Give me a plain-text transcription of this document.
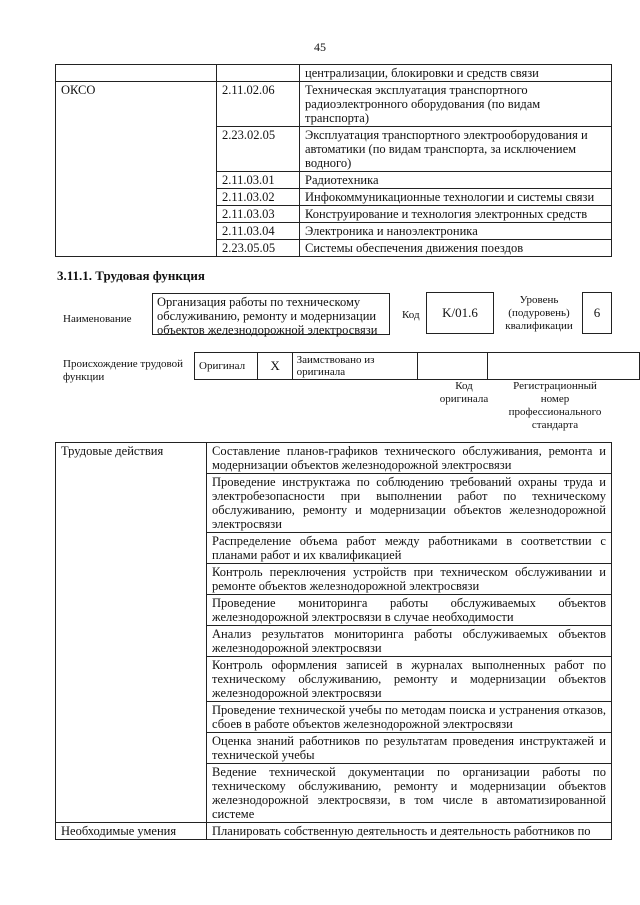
45
		централизации, блокировки и средств связи
ОКСО	2.11.02.06	Техническая эксплуатация транспортного радиоэлектронного оборудования (по видам транспорта)
	2.23.02.05	Эксплуатация транспортного электрооборудования и автоматики (по видам транспорта, за исключением водного)
	2.11.03.01	Радиотехника
	2.11.03.02	Инфокоммуникационные технологии и системы связи
	2.11.03.03	Конструирование и технология электронных средств
	2.11.03.04	Электроника и наноэлектроника
	2.23.05.05	Системы обеспечения движения поездов
3.11.1. Трудовая функция
Наименование
Организация работы по техническому обслуживанию, ремонту и модернизации объектов железнодорожной электросвязи
Код	K/01.6
Уровень (подуровень) квалификации
6
Происхождение трудовой функции
Оригинал	X	Заимствовано из оригинала		
Код оригинала
Регистрационный номер профессионального стандарта
Трудовые действия	Составление планов-графиков технического обслуживания, ремонта и модернизации объектов железнодорожной электросвязи
	Проведение инструктажа по соблюдению требований охраны труда и электробезопасности при выполнении работ по техническому обслуживанию, ремонту и модернизации объектов железнодорожной электросвязи
	Распределение объема работ между работниками в соответствии с планами работ и их квалификацией
	Контроль переключения устройств при техническом обслуживании и ремонте объектов железнодорожной электросвязи
	Проведение мониторинга работы обслуживаемых объектов железнодорожной электросвязи в случае необходимости
	Анализ результатов мониторинга работы обслуживаемых объектов железнодорожной электросвязи
	Контроль оформления записей в журналах выполненных работ по техническому обслуживанию, ремонту и модернизации объектов железнодорожной электросвязи
	Проведение технической учебы по методам поиска и устранения отказов, сбоев в работе объектов железнодорожной электросвязи
	Оценка знаний работников по результатам проведения инструктажей и технической учебы
	Ведение технической документации по организации работы по техническому обслуживанию, ремонту и модернизации объектов железнодорожной электросвязи, в том числе в автоматизированной системе
Необходимые умения	Планировать собственную деятельность и деятельность работников по
